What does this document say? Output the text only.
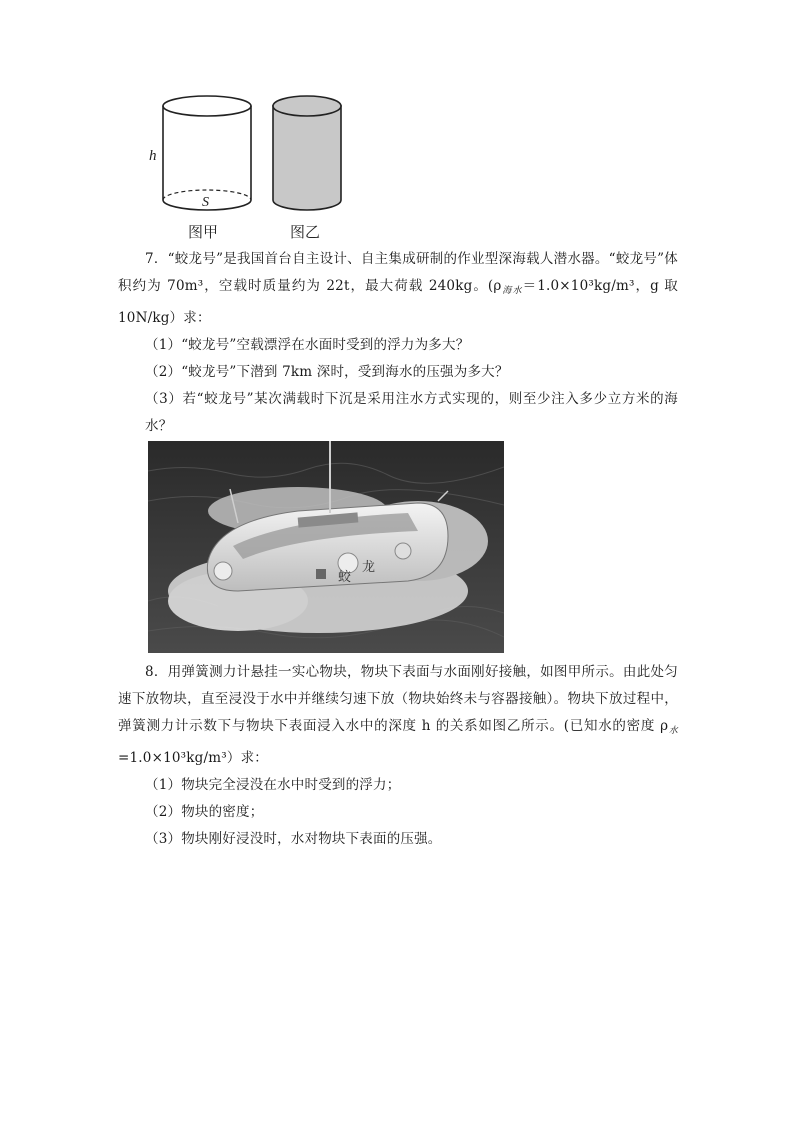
h
S
图甲	图乙

7．“蛟龙号”是我国首台自主设计、自主集成研制的作业型深海载人潜水器。“蛟龙号”体积约为 70m³，空载时质量约为 22t，最大荷载 240kg。($\rho_{海水}=1.0\times 10^3kg/m^3$，g 取 10N/kg）求：

（1）“蛟龙号”空载漂浮在水面时受到的浮力为多大？

（2）“蛟龙号”下潜到 7km 深时，受到海水的压强为多大？

（3）若“蛟龙号”某次满载时下沉是采用注水方式实现的，则至少注入多少立方米的海水？

蛟
龙

8．用弹簧测力计悬挂一实心物块，物块下表面与水面刚好接触，如图甲所示。由此处匀速下放物块，直至浸没于水中并继续匀速下放（物块始终未与容器接触）。物块下放过程中，弹簧测力计示数下与物块下表面浸入水中的深度 h 的关系如图乙所示。(已知水的密度 $\rho_水=1.0\times 10^3kg/m^3$）求：

（1）物块完全浸没在水中时受到的浮力；

（2）物块的密度；

（3）物块刚好浸没时，水对物块下表面的压强。
